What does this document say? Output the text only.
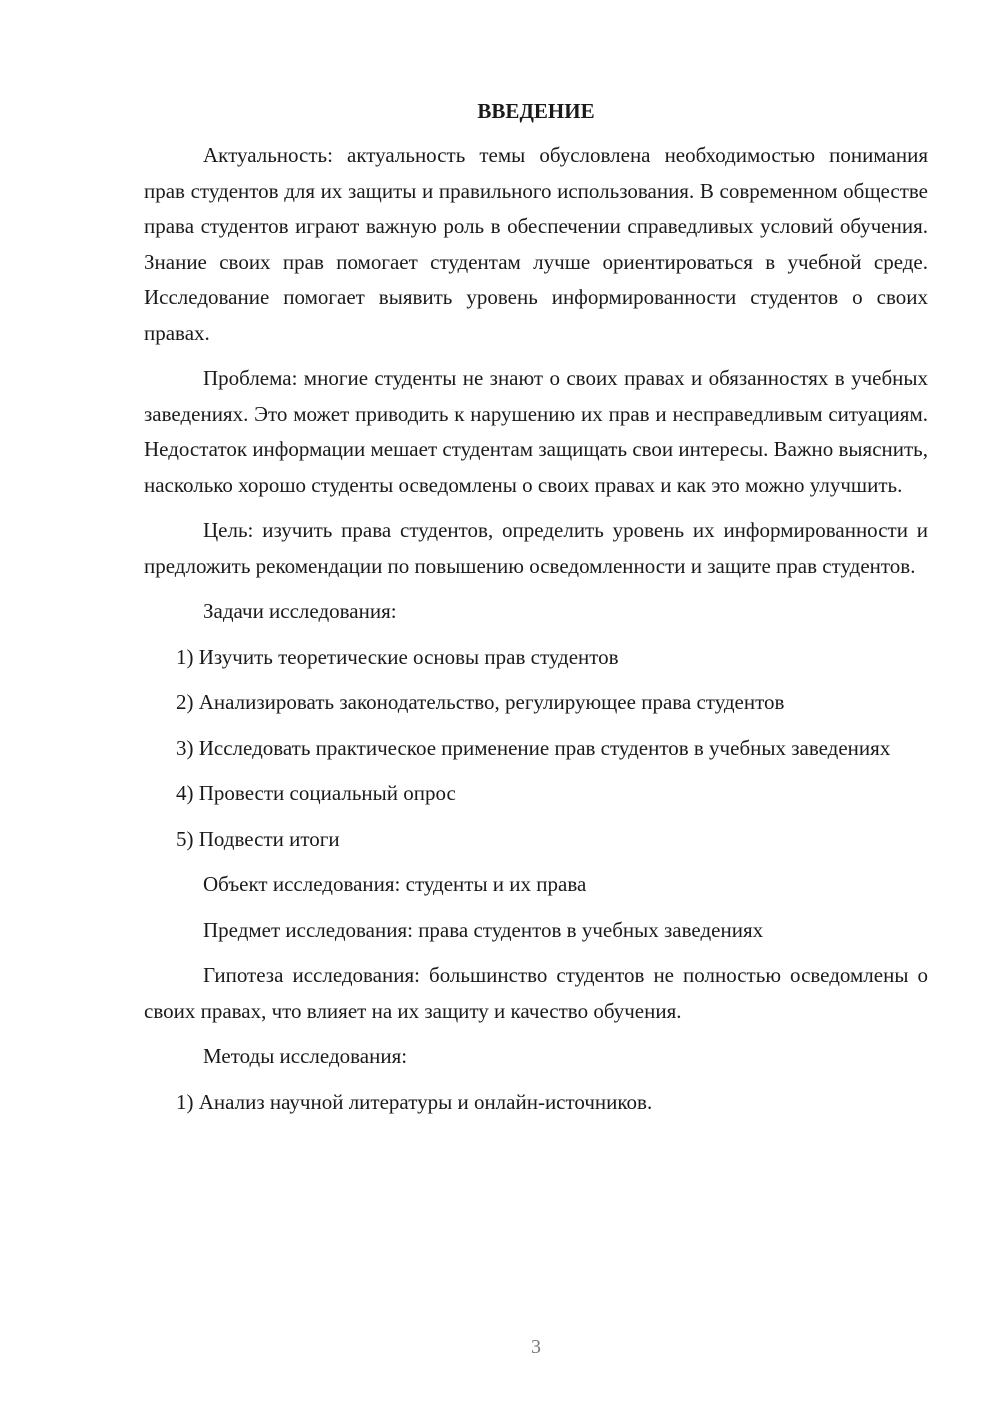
ВВЕДЕНИЕ

Актуальность: актуальность темы обусловлена необходимостью понимания прав студентов для их защиты и правильного использования. В современном обществе права студентов играют важную роль в обеспечении справедливых условий обучения. Знание своих прав помогает студентам лучше ориентироваться в учебной среде. Исследование помогает выявить уровень информированности студентов о своих правах.

Проблема: многие студенты не знают о своих правах и обязанностях в учебных заведениях. Это может приводить к нарушению их прав и несправедливым ситуациям. Недостаток информации мешает студентам защищать свои интересы. Важно выяснить, насколько хорошо студенты осведомлены о своих правах и как это можно улучшить.

Цель: изучить права студентов, определить уровень их информированности и предложить рекомендации по повышению осведомленности и защите прав студентов.

Задачи исследования:

1) Изучить теоретические основы прав студентов

2) Анализировать законодательство, регулирующее права студентов

3) Исследовать практическое применение прав студентов в учебных заведениях

4) Провести социальный опрос

5) Подвести итоги

Объект исследования: студенты и их права

Предмет исследования: права студентов в учебных заведениях

Гипотеза исследования: большинство студентов не полностью осведомлены о своих правах, что влияет на их защиту и качество обучения.

Методы исследования:

1) Анализ научной литературы и онлайн-источников.

3
